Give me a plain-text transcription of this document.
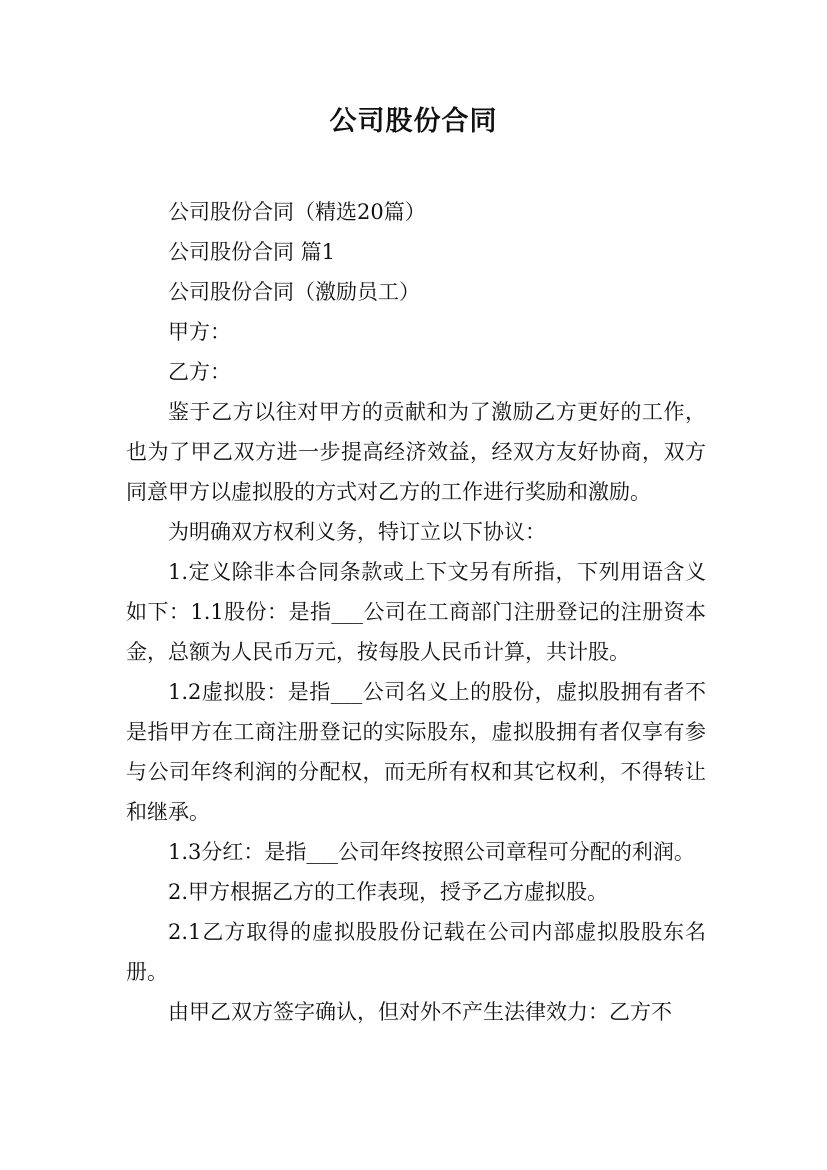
公司股份合同

公司股份合同（精选20篇）

公司股份合同 篇1

公司股份合同（激励员工）

甲方：

乙方：

鉴于乙方以往对甲方的贡献和为了激励乙方更好的工作，也为了甲乙双方进一步提高经济效益，经双方友好协商，双方同意甲方以虚拟股的方式对乙方的工作进行奖励和激励。

为明确双方权利义务，特订立以下协议：

1.定义除非本合同条款或上下文另有所指，下列用语含义如下：1.1股份：是指___公司在工商部门注册登记的注册资本金，总额为人民币万元，按每股人民币计算，共计股。

1.2虚拟股：是指___公司名义上的股份，虚拟股拥有者不是指甲方在工商注册登记的实际股东，虚拟股拥有者仅享有参与公司年终利润的分配权，而无所有权和其它权利，不得转让和继承。

1.3分红：是指___公司年终按照公司章程可分配的利润。

2.甲方根据乙方的工作表现，授予乙方虚拟股。

2.1乙方取得的虚拟股股份记载在公司内部虚拟股股东名册。

由甲乙双方签字确认，但对外不产生法律效力：乙方不
